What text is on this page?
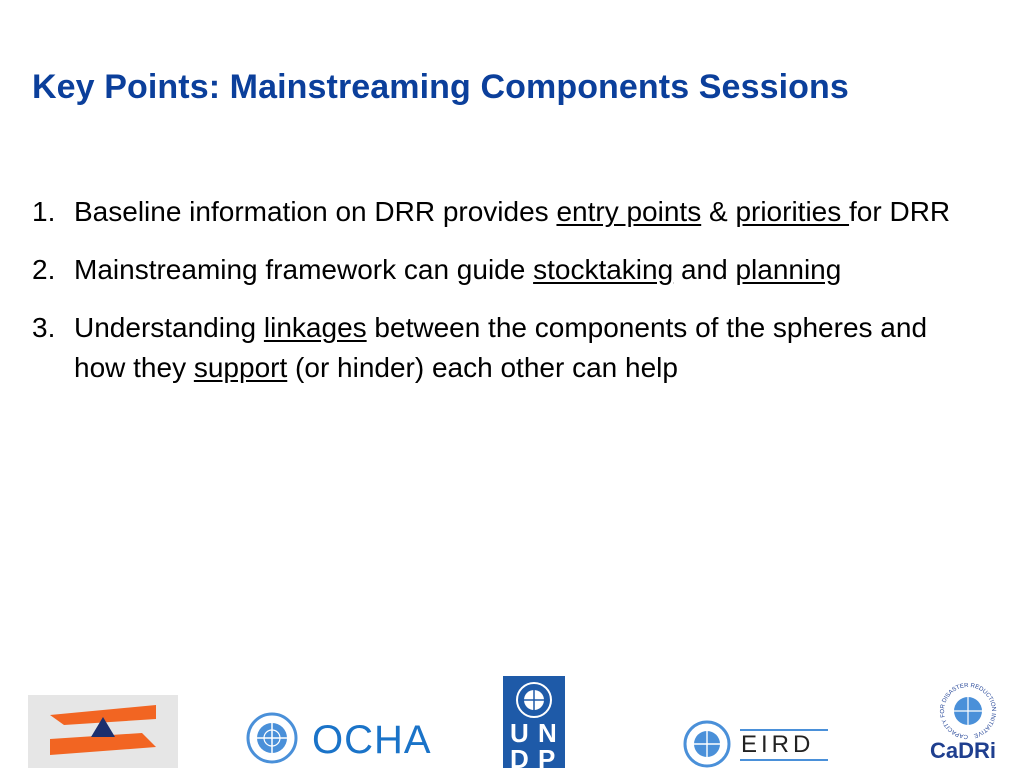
Key Points: Mainstreaming Components Sessions
1. Baseline information on DRR provides entry points & priorities for DRR
2. Mainstreaming framework can guide stocktaking and planning
3. Understanding linkages between the components of the spheres and how they support (or hinder) each other can help
OCHA	U N
D P	EIRD	CAPACITY FOR DISASTER REDUCTION INITIATIVE
CaDRi
